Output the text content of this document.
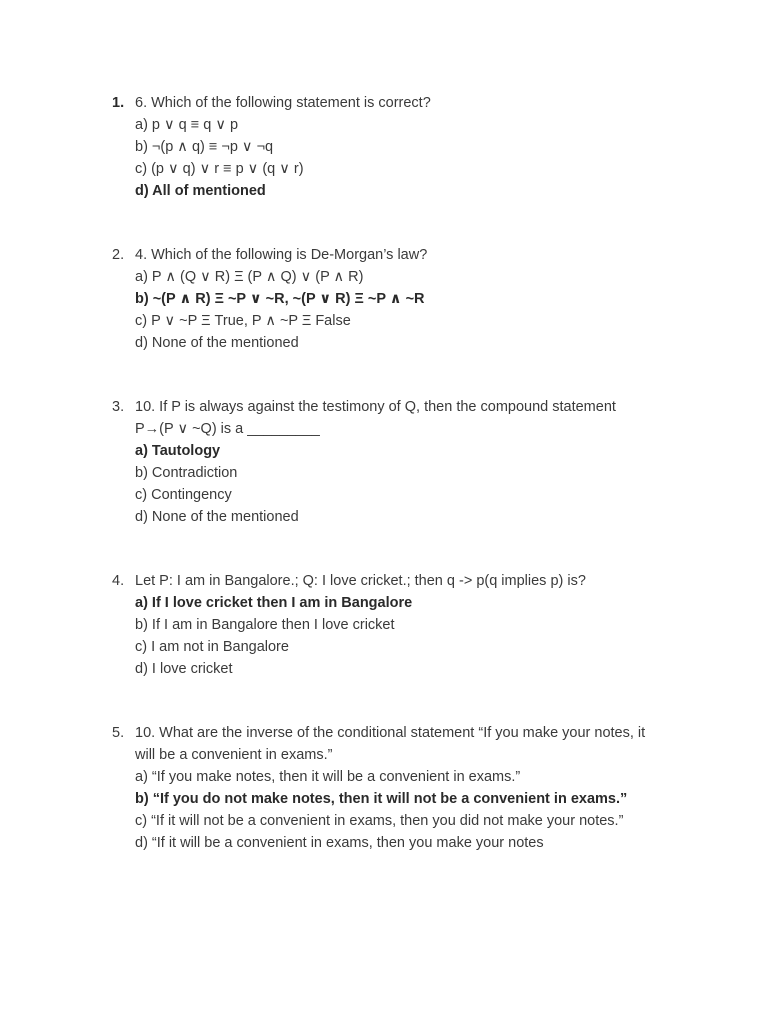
1. 6. Which of the following statement is correct?
a) p ∨ q ≡ q ∨ p
b) ¬(p ∧ q) ≡ ¬p ∨ ¬q
c) (p ∨ q) ∨ r ≡ p ∨ (q ∨ r)
d) All of mentioned
2. 4. Which of the following is De-Morgan’s law?
a) P ∧ (Q ∨ R) Ξ (P ∧ Q) ∨ (P ∧ R)
b) ~(P ∧ R) Ξ ~P ∨ ~R, ~(P ∨ R) Ξ ~P ∧ ~R
c) P ∨ ~P Ξ True, P ∧ ~P Ξ False
d) None of the mentioned
3. 10. If P is always against the testimony of Q, then the compound statement
P→(P ∨ ~Q) is a _________
a) Tautology
b) Contradiction
c) Contingency
d) None of the mentioned
4. Let P: I am in Bangalore.; Q: I love cricket.; then q -> p(q implies p) is?
a) If I love cricket then I am in Bangalore
b) If I am in Bangalore then I love cricket
c) I am not in Bangalore
d) I love cricket
5. 10. What are the inverse of the conditional statement “If you make your notes, it
will be a convenient in exams.”
a) “If you make notes, then it will be a convenient in exams.”
b) “If you do not make notes, then it will not be a convenient in exams.”
c) “If it will not be a convenient in exams, then you did not make your notes.”
d) “If it will be a convenient in exams, then you make your notes
